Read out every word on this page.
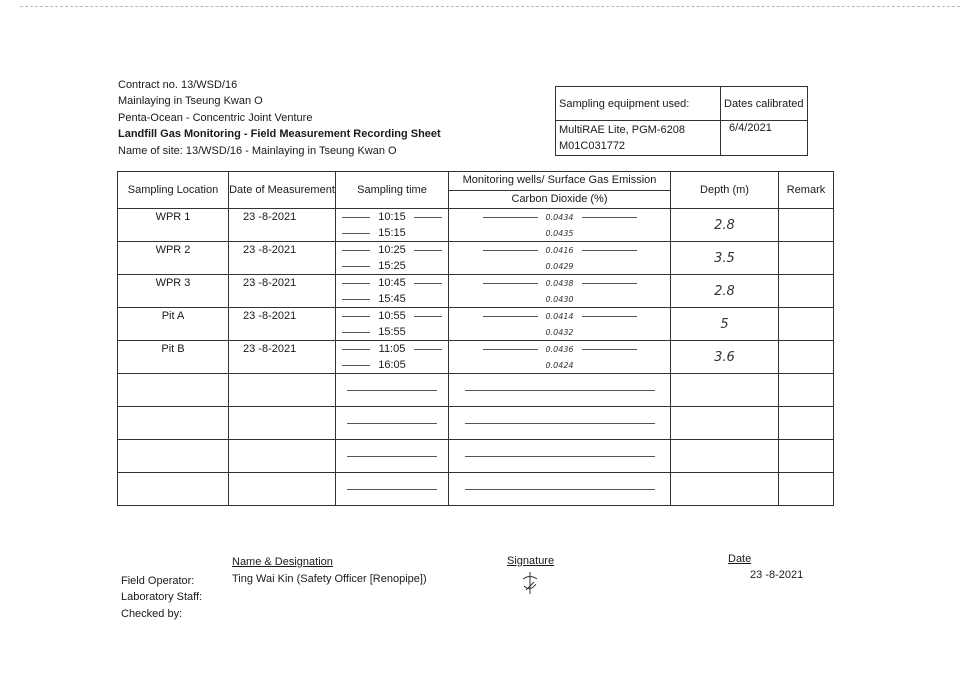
Contract no. 13/WSD/16
Mainlaying in Tseung Kwan O
Penta-Ocean - Concentric Joint Venture
Landfill Gas Monitoring - Field Measurement Recording Sheet
Name of site: 13/WSD/16 - Mainlaying in Tseung Kwan O
Sampling equipment used:	Dates calibrated

MultiRAE Lite, PGM-6208
M01C031772	6/4/2021
Sampling Location	Date of Measurement	Sampling time	Monitoring wells/ Surface Gas Emission	Depth (m)	Remark
			Carbon Dioxide (%)		
WPR 1	23 -8-2021	10:15	0.0434	2.8	
		15:15	0.0435		
WPR 2	23 -8-2021	10:25	0.0416	3.5	
		15:25	0.0429		
WPR 3	23 -8-2021	10:45	0.0438	2.8	
		15:45	0.0430		
Pit A	23 -8-2021	10:55	0.0414	5	
		15:55	0.0432		
Pit B	23 -8-2021	11:05	0.0436	3.6	
		16:05	0.0424		

Name & Designation	Signature	Date
Field Operator:	Ting Wai Kin (Safety Officer [Renopipe])	23 -8-2021
Laboratory Staff:
Checked by:
